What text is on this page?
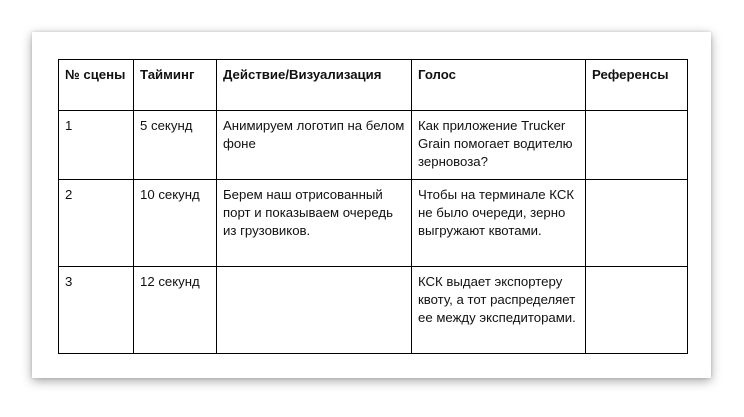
№ сцены	Тайминг	Действие/Визуализация	Голос	Референсы
1	5 секунд	Анимируем логотип на белом фоне	Как приложение Trucker Grain помогает водителю зерновоза?	
2	10 секунд	Берем наш отрисованный порт и показываем очередь из грузовиков.	Чтобы на терминале КСК не было очереди, зерно выгружают квотами.	
3	12 секунд		КСК выдает экспортеру квоту, а тот распределяет ее между экспедиторами.	
